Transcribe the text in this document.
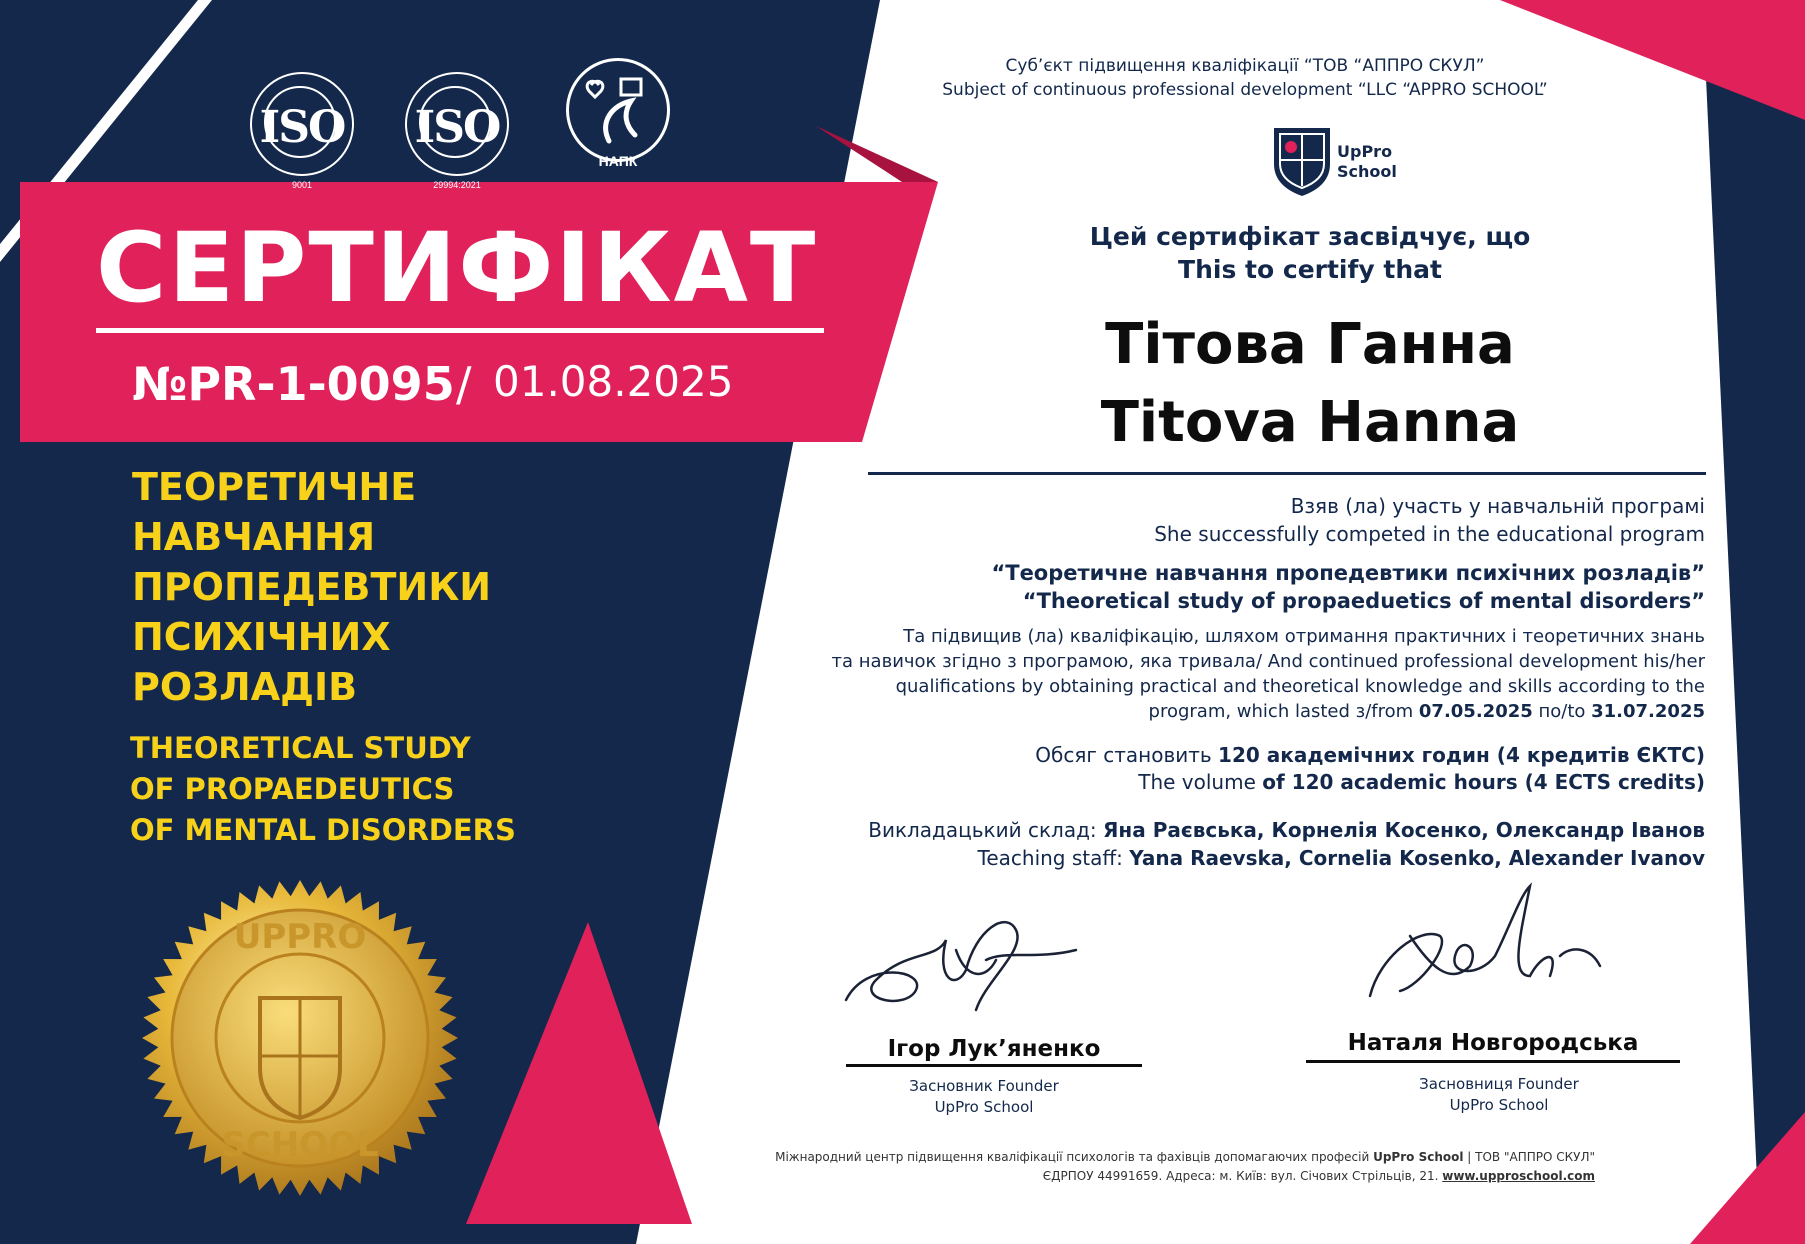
ISO
9001
ISO
29994:2021
НАПК
СЕРТИФІКАТ
№PR-1-0095 / 01.08.2025
ТЕОРЕТИЧНЕ
НАВЧАННЯ
ПРОПЕДЕВТИКИ
ПСИХІЧНИХ
РОЗЛАДІВ
THEORETICAL STUDY
OF PROPAEDEUTICS
OF MENTAL DISORDERS
UPPRO
SCHOOL
Суб’єкт підвищення кваліфікації “ТОВ “АППРО СКУЛ”
Subject of continuous professional development “LLC “APPRO SCHOOL”
UpPro
School
Цей сертифікат засвідчує, що
This to certify that
Тітова Ганна
Titova Hanna
Взяв (ла) участь у навчальній програмі
She successfully competed in the educational program
“Теоретичне навчання пропедевтики психічних розладів”
“Theoretical study of propaeduetics of mental disorders”
Та підвищив (ла) кваліфікацію, шляхом отримання практичних і теоретичних знань
та навичок згідно з програмою, яка тривала/ And continued professional development his/her
qualifications by obtaining practical and theoretical knowledge and skills according to the
program, which lasted з/from 07.05.2025 по/to 31.07.2025
Обсяг становить 120 академічних годин (4 кредитів ЄКТС)
The volume of 120 academic hours (4 ECTS credits)
Викладацький склад: Яна Раєвська, Корнелія Косенко, Олександр Іванов
Teaching staff: Yana Raevska, Cornelia Kosenko, Alexander Ivanov
Ігор Лук’яненко
Засновник Founder
UpPro School
Наталя Новгородська
Засновниця Founder
UpPro School
Міжнародний центр підвищення кваліфікації психологів та фахівців допомагаючих професій UpPro School | ТОВ "АППРО СКУЛ"
ЄДРПОУ 44991659. Адреса: м. Київ: вул. Січових Стрільців, 21. www.upproschool.com
